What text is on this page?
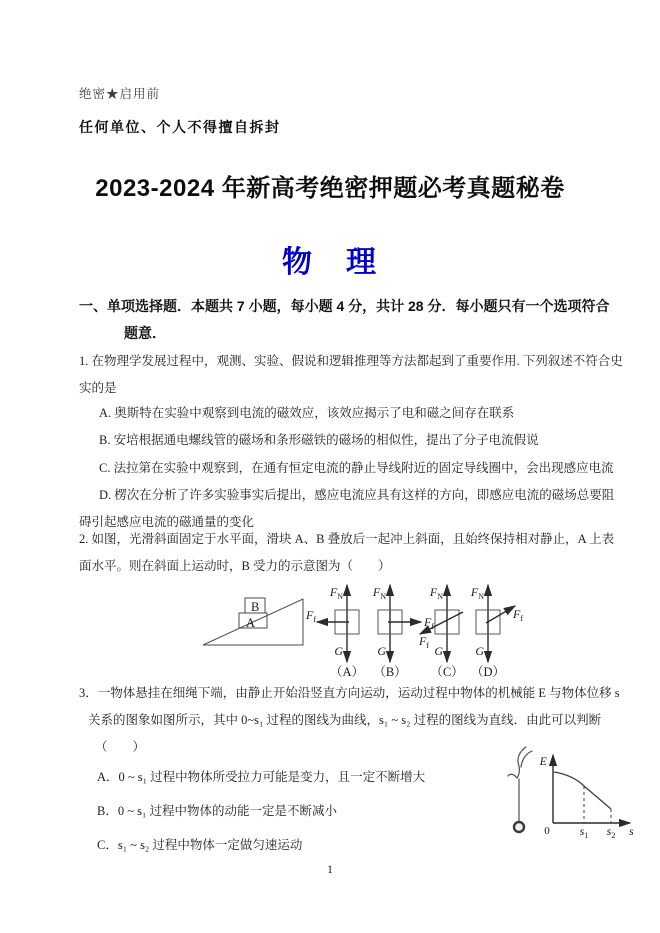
绝密★启用前
任何单位、个人不得擅自拆封
2023-2024 年新高考绝密押题必考真题秘卷
物　理
一、单项选择题．本题共 7 小题，每小题 4 分，共计 28 分．每小题只有一个选项符合
题意．
1. 在物理学发展过程中，观测、实验、假说和逻辑推理等方法都起到了重要作用. 下列叙述不符合史
实的是
A. 奥斯特在实验中观察到电流的磁效应，该效应揭示了电和磁之间存在联系
B. 安培根据通电螺线管的磁场和条形磁铁的磁场的相似性，提出了分子电流假说
C. 法拉第在实验中观察到，在通有恒定电流的静止导线附近的固定导线圈中，会出现感应电流
D. 楞次在分析了许多实验事实后提出，感应电流应具有这样的方向，即感应电流的磁场总要阻
碍引起感应电流的磁通量的变化
2. 如图，光滑斜面固定于水平面，滑块 A、B 叠放后一起冲上斜面，且始终保持相对静止，A 上表
面水平。则在斜面上运动时，B 受力的示意图为（　　）
A
B
$F_N$
$F_f$
G
（A）
$F_N$
$F_f$
G
（B）
$F_N$
$F_f$ G
（C）
$F_N$
$F_f$
G
（D）
3．一物体悬挂在细绳下端，由静止开始沿竖直方向运动，运动过程中物体的机械能 E 与物体位移 s
关系的图象如图所示，其中 0~s₁ 过程的图线为曲线，s₁ ~ s₂ 过程的图线为直线．由此可以判断
（　　）
A．0 ~ s₁ 过程中物体所受拉力可能是变力，且一定不断增大
B．0 ~ s₁ 过程中物体的动能一定是不断减小
C．s₁ ~ s₂ 过程中物体一定做匀速运动
E
0 $s_1$ $s_2$ s
1
